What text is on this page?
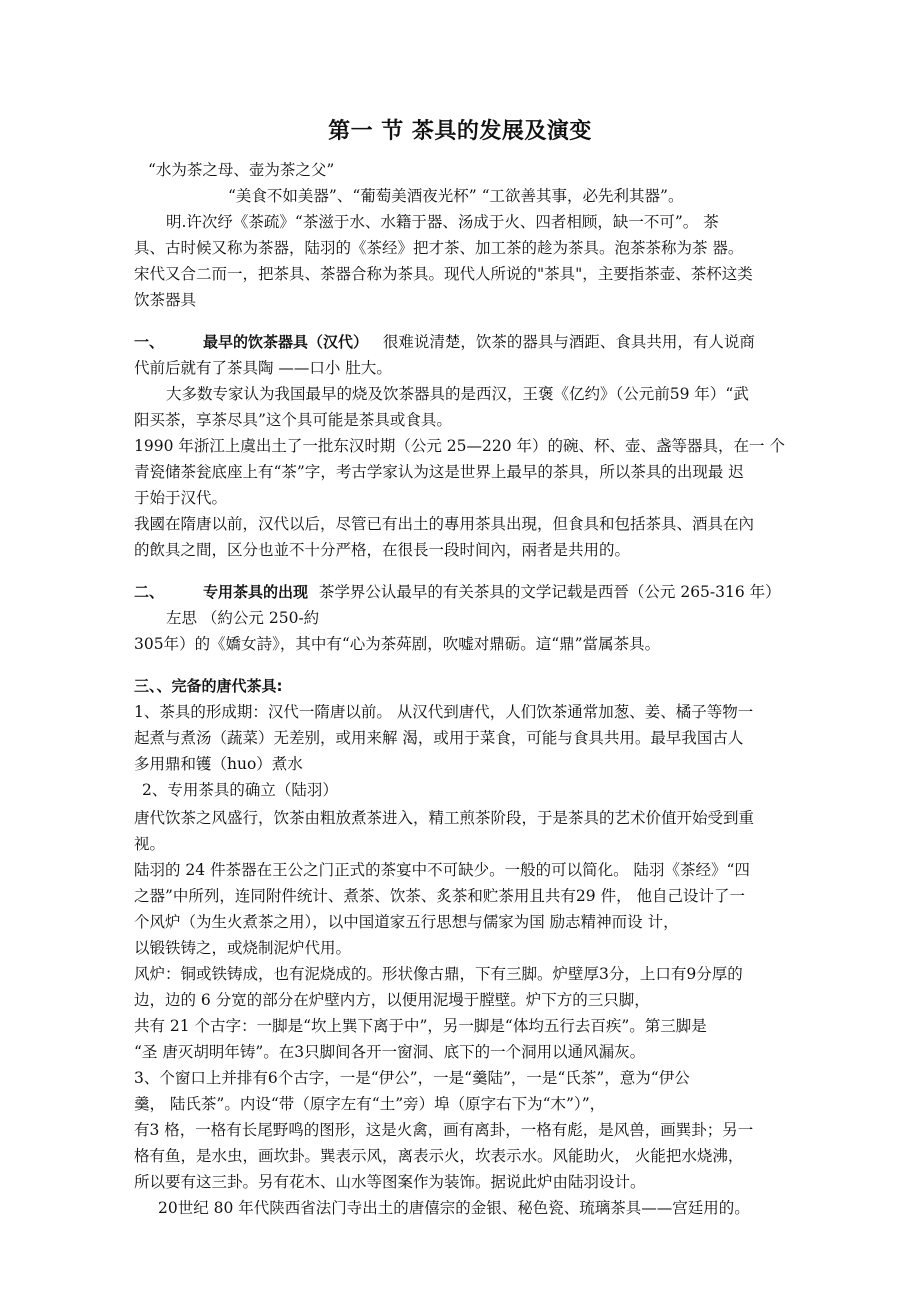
第一 节 茶具的发展及演变
“水为茶之母、壶为茶之父”
“美食不如美器”、“葡萄美酒夜光杯” “工欲善其事，必先利其器”。
明.许次纾《茶疏》“茶滋于水、水籍于器、汤成于火、四者相顾，缺一不可”。 茶
具、古时候又称为茶器，陆羽的《茶经》把才茶、加工茶的趁为茶具。泡茶茶称为茶 器。
宋代又合二而一，把茶具、茶器合称为茶具。现代人所说的"茶具"，主要指茶壶、茶杯这类
饮茶器具
一、	最早的饮茶器具（汉代） 很难说清楚，饮茶的器具与酒距、食具共用，有人说商
代前后就有了茶具陶 ——口小 肚大。
大多数专家认为我国最早的烧及饮茶器具的是西汉，王褒《亿约》（公元前59 年）“武
阳买茶，享茶尽具”这个具可能是茶具或食具。
1990 年浙江上虞出土了一批东汉时期（公元 25—220 年）的碗、杯、壶、盏等器具，在一 个
青瓷储茶瓮底座上有“茶”字，考古学家认为这是世界上最早的茶具，所以茶具的出现最 迟
于始于汉代。
我國在隋唐以前，汉代以后，尽管已有出土的專用茶具出現，但食具和包括茶具、酒具在內
的飲具之間，区分也並不十分严格，在很長一段时间內，兩者是共用的。
二、	专用茶具的出现 茶学界公认最早的有关茶具的文学记载是西晉（公元 265-316 年）
左思 （約公元 250-約
305年）的《嬌女詩》，其中有“心为茶荈剧，吹嘘对鼎砺。這“鼎”當属茶具。
三、、完备的唐代茶具:
1、茶具的形成期：汉代一隋唐以前。 从汉代到唐代，人们饮茶通常加葱、姜、橘子等物一
起煮与煮汤（蔬菜）无差别，或用来解 渴，或用于菜食，可能与食具共用。最早我国古人
多用鼎和镬（huo）煮水
2、专用茶具的确立（陆羽）
唐代饮茶之风盛行，饮茶由粗放煮茶进入，精工煎茶阶段，于是茶具的艺术价值开始受到重
视。
陆羽的 24 件茶器在王公之门正式的茶宴中不可缺少。一般的可以简化。 陆羽《茶经》“四
之器”中所列，连同附件统计、煮茶、饮茶、炙茶和贮茶用且共有29 件， 他自己设计了一
个风炉（为生火煮茶之用），以中国道家五行思想与儒家为国 励志精神而设 计，
以锻铁铸之，或烧制泥炉代用。
风炉：铜或铁铸成，也有泥烧成的。形状像古鼎，下有三脚。炉壁厚3分，上口有9分厚的
边，边的 6 分宽的部分在炉壁内方，以便用泥墁于膛壁。炉下方的三只脚，
共有 21 个古字：一脚是“坎上巽下离于中”，另一脚是“体均五行去百疾”。第三脚是
“圣 唐灭胡明年铸”。在3只脚间各开一窗洞、底下的一个洞用以通风漏灰。
3、个窗口上并排有6个古字，一是“伊公”，一是“羹陆”，一是“氏茶”，意为“伊公
羹， 陆氏茶”。内设“带（原字左有“土”旁）埠（原字右下为“木”）”，
有3 格，一格有长尾野鸣的图形，这是火禽，画有离卦，一格有彪，是风兽，画巽卦；另一
格有鱼，是水虫，画坎卦。巽表示风，离表示火，坎表示水。风能助火， 火能把水烧沸，
所以要有这三卦。另有花木、山水等图案作为装饰。据说此炉由陆羽设计。
20世纪 80 年代陕西省法门寺出土的唐僖宗的金银、秘色瓷、琉璃茶具——宫廷用的。
